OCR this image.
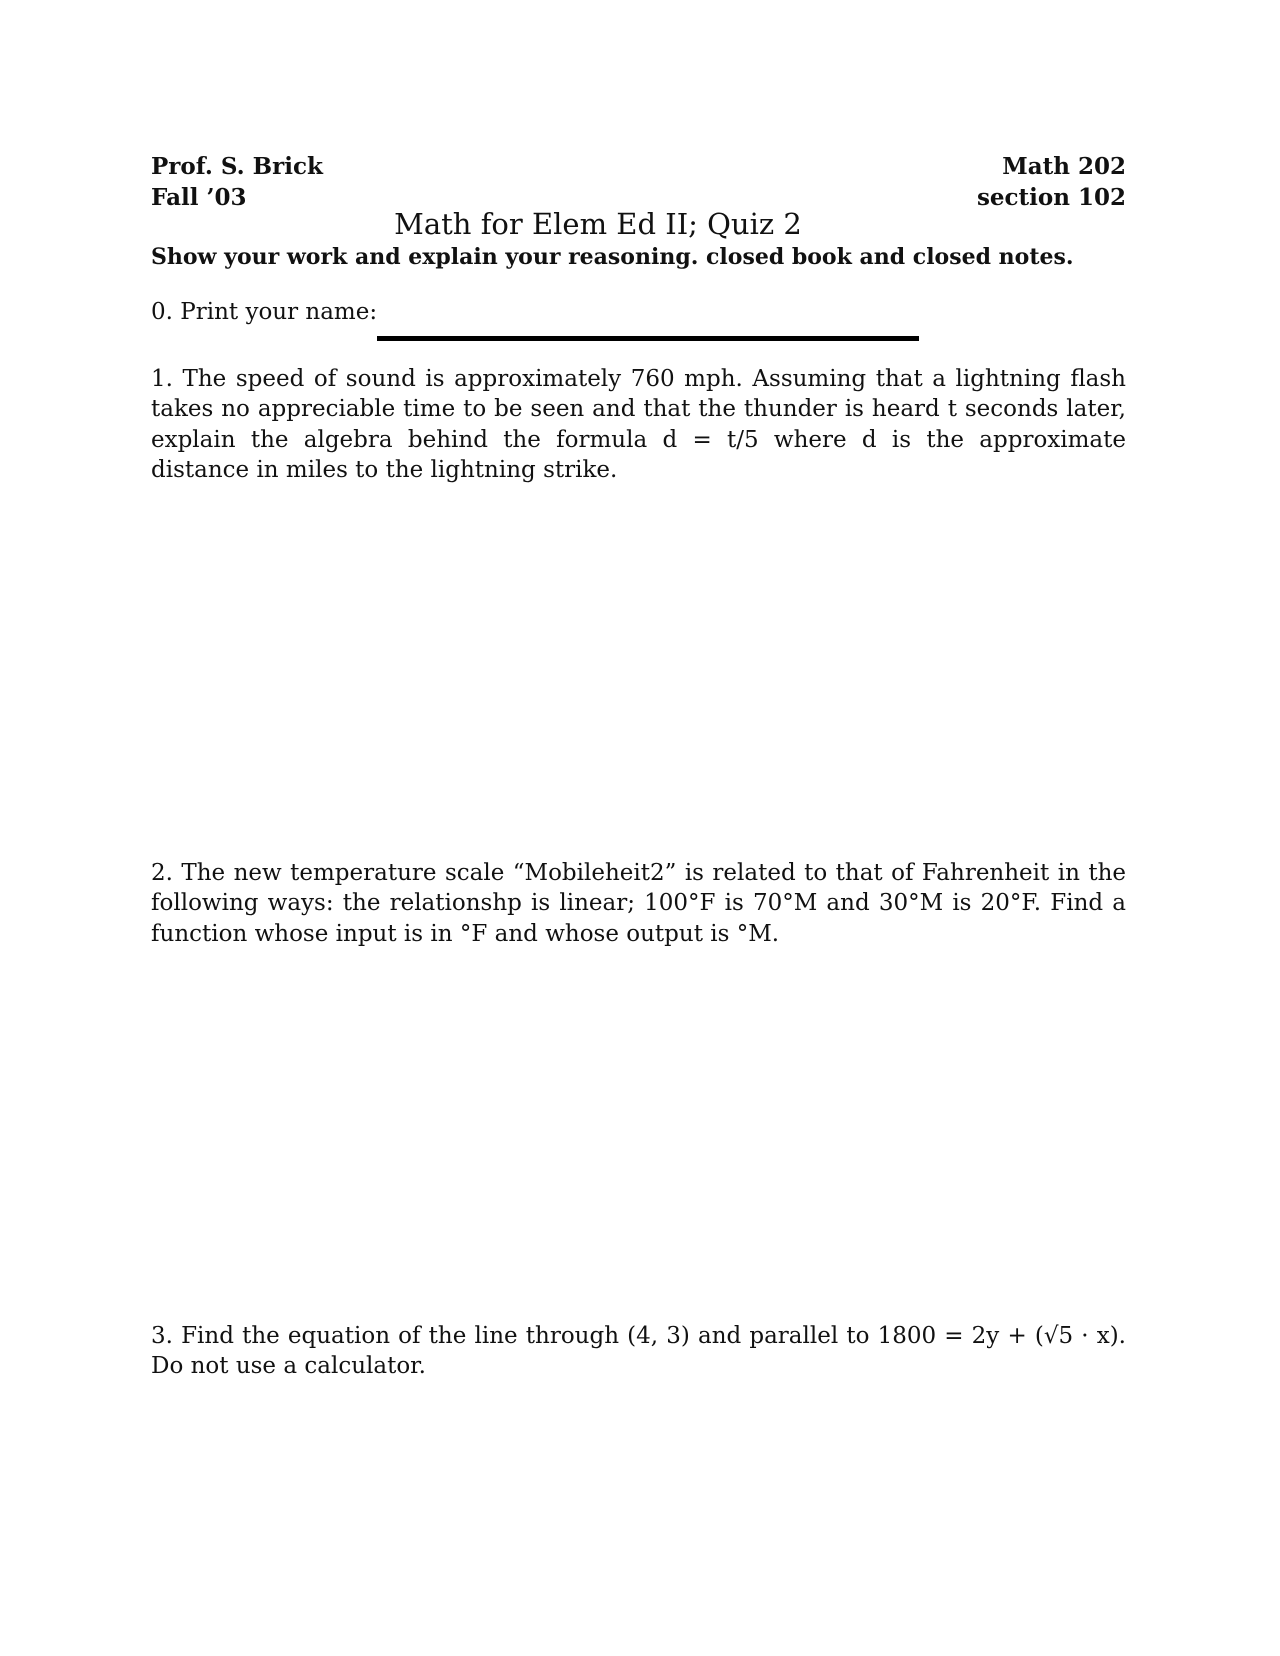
Prof. S. Brick
Fall ’03
Math 202
section 102
Math for Elem Ed II; Quiz 2
Show your work and explain your reasoning. closed book and closed notes.
0. Print your name:
1. The speed of sound is approximately 760 mph. Assuming that a lightning flash takes no appreciable time to be seen and that the thunder is heard t seconds later, explain the algebra behind the formula d = t/5 where d is the approximate distance in miles to the lightning strike.
2. The new temperature scale “Mobileheit2” is related to that of Fahrenheit in the following ways: the relationshp is linear; 100°F is 70°M and 30°M is 20°F. Find a function whose input is in °F and whose output is °M.
3. Find the equation of the line through (4, 3) and parallel to 1800 = 2y + (√5 · x). Do not use a calculator.
